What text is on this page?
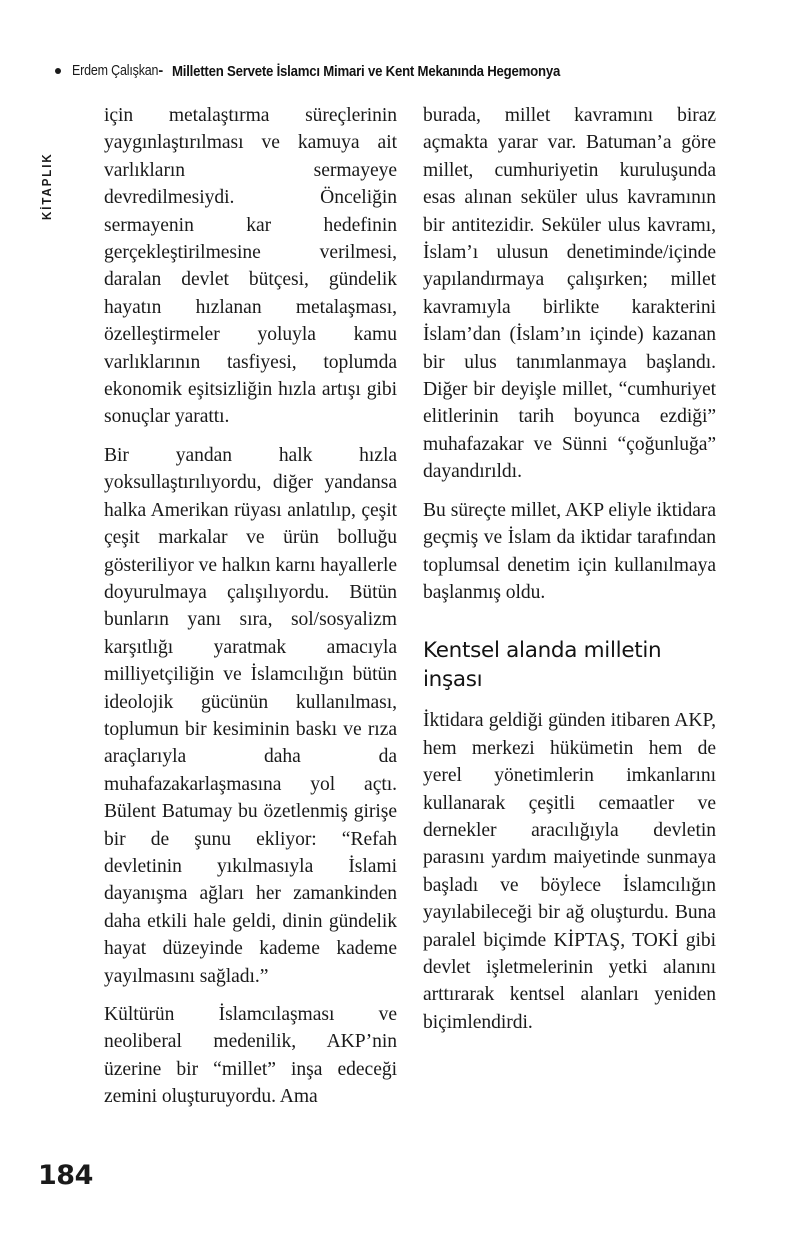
Erdem Çalışkan - Milletten Servete İslamcı Mimari ve Kent Mekanında Hegemonya
KİTAPLIK

için metalaştırma süreçlerinin yaygınlaştırılması ve kamuya ait varlıkların sermayeye devredilmesiydi. Önceliğin sermayenin kar hedefinin gerçekleştirilmesine verilmesi, daralan devlet bütçesi, gündelik hayatın hızlanan metalaşması, özelleştirmeler yoluyla kamu varlıklarının tasfiyesi, toplumda ekonomik eşitsizliğin hızla artışı gibi sonuçlar yarattı.

Bir yandan halk hızla yoksullaştırılıyordu, diğer yandansa halka Amerikan rüyası anlatılıp, çeşit çeşit markalar ve ürün bolluğu gösteriliyor ve halkın karnı hayallerle doyurulmaya çalışılıyordu. Bütün bunların yanı sıra, sol/sosyalizm karşıtlığı yaratmak amacıyla milliyetçiliğin ve İslamcılığın bütün ideolojik gücünün kullanılması, toplumun bir kesiminin baskı ve rıza araçlarıyla daha da muhafazakarlaşmasına yol açtı. Bülent Batumay bu özetlenmiş girişe bir de şunu ekliyor: “Refah devletinin yıkılmasıyla İslami dayanışma ağları her zamankinden daha etkili hale geldi, dinin gündelik hayat düzeyinde kademe kademe yayılmasını sağladı.”

Kültürün İslamcılaşması ve neoliberal medenilik, AKP’nin üzerine bir “millet” inşa edeceği zemini oluşturuyordu. Ama

burada, millet kavramını biraz açmakta yarar var. Batuman’a göre millet, cumhuriyetin kuruluşunda esas alınan seküler ulus kavramının bir antitezidir. Seküler ulus kavramı, İslam’ı ulusun denetiminde/içinde yapılandırmaya çalışırken; millet kavramıyla birlikte karakterini İslam’dan (İslam’ın içinde) kazanan bir ulus tanımlanmaya başlandı. Diğer bir deyişle millet, “cumhuriyet elitlerinin tarih boyunca ezdiği” muhafazakar ve Sünni “çoğunluğa” dayandırıldı.

Bu süreçte millet, AKP eliyle iktidara geçmiş ve İslam da iktidar tarafından toplumsal denetim için kullanılmaya başlanmış oldu.

Kentsel alanda milletin inşası

İktidara geldiği günden itibaren AKP, hem merkezi hükümetin hem de yerel yönetimlerin imkanlarını kullanarak çeşitli cemaatler ve dernekler aracılığıyla devletin parasını yardım maiyetinde sunmaya başladı ve böylece İslamcılığın yayılabileceği bir ağ oluşturdu. Buna paralel biçimde KİPTAŞ, TOKİ gibi devlet işletmelerinin yetki alanını arttırarak kentsel alanları yeniden biçimlendirdi.

184
